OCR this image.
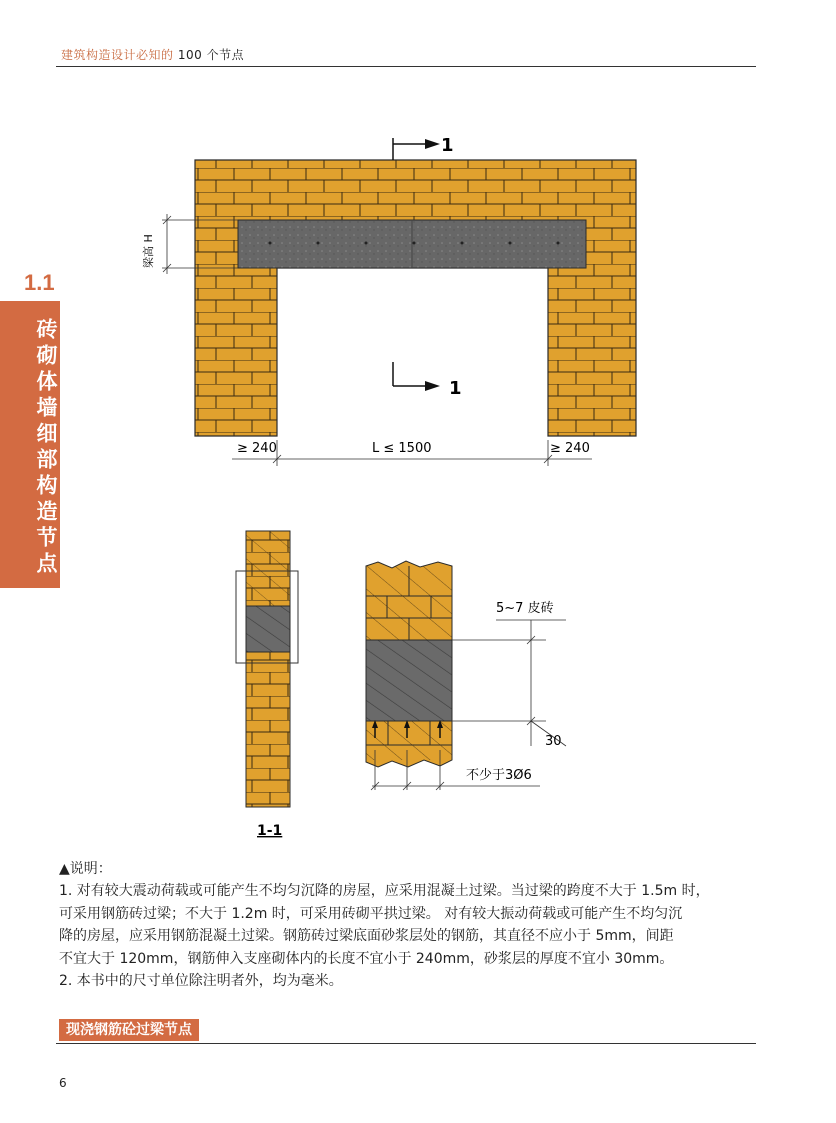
建筑构造设计必知的 100 个节点
1.1
砖砌体墙细部构造节点
1
1
梁高 H
≥ 240	L ≤ 1500	≥ 240
1-1
5~7 皮砖
30
不少于3Ø6
▲说明：
1. 对有较大震动荷载或可能产生不均匀沉降的房屋，应采用混凝土过梁。当过梁的跨度不大于 1.5m 时，
可采用钢筋砖过梁；不大于 1.2m 时，可采用砖砌平拱过梁。 对有较大振动荷载或可能产生不均匀沉
降的房屋，应采用钢筋混凝土过梁。钢筋砖过梁底面砂浆层处的钢筋，其直径不应小于 5mm，间距
不宜大于 120mm，钢筋伸入支座砌体内的长度不宜小于 240mm，砂浆层的厚度不宜小 30mm。
2. 本书中的尺寸单位除注明者外，均为毫米。
现浇钢筋砼过梁节点
6
